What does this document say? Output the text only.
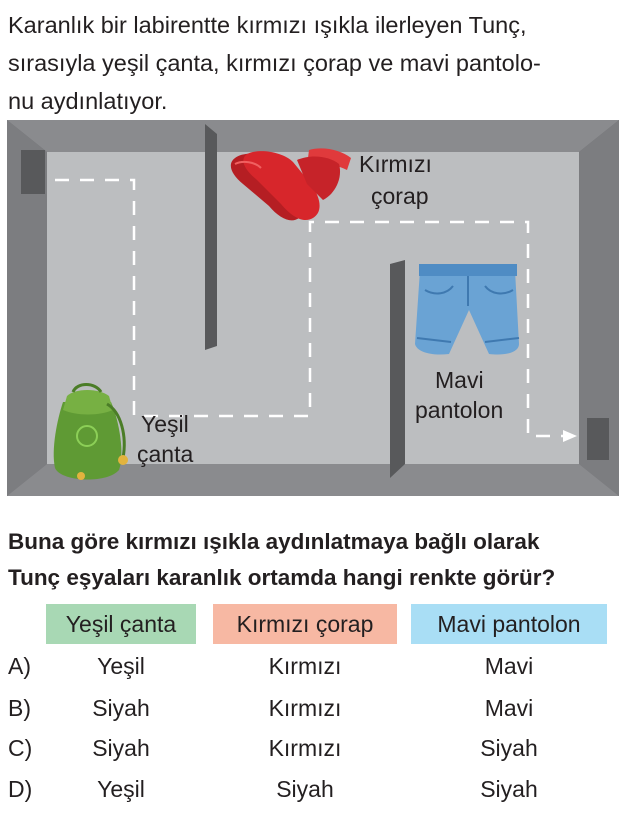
Karanlık bir labirentte kırmızı ışıkla ilerleyen Tunç,
sırasıyla yeşil çanta, kırmızı çorap ve mavi pantolo-
nu aydınlatıyor.
Kırmızı
çorap
Mavi
pantolon
Yeşil
çanta
Buna göre kırmızı ışıkla aydınlatmaya bağlı olarak
Tunç eşyaları karanlık ortamda hangi renkte görür?
Yeşil çanta	Kırmızı çorap	Mavi pantolon
A)	Yeşil	Kırmızı	Mavi
B)	Siyah	Kırmızı	Mavi
C)	Siyah	Kırmızı	Siyah
D)	Yeşil	Siyah	Siyah
